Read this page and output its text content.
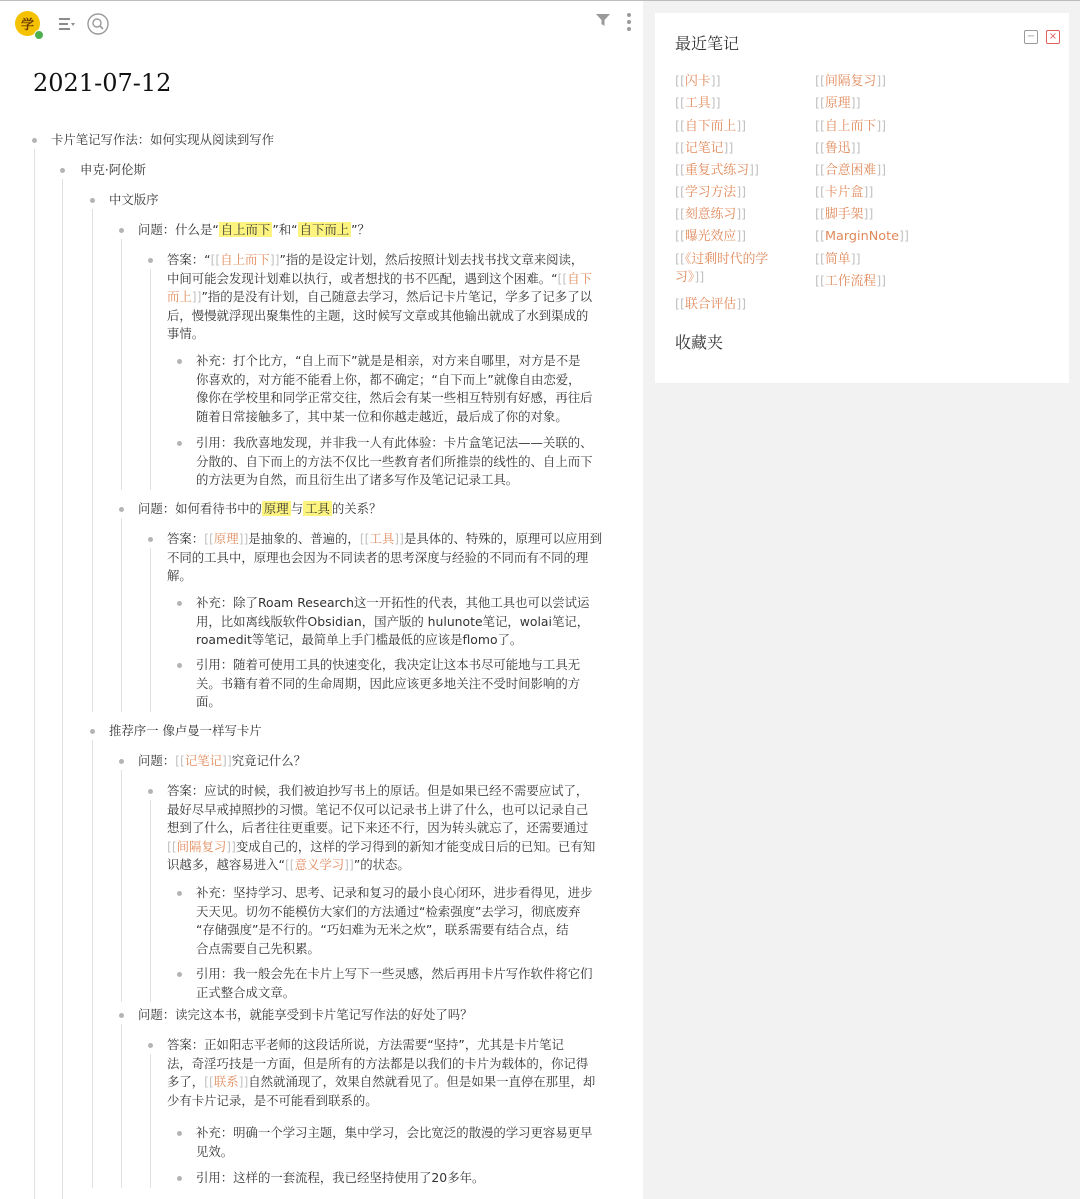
学
2021-07-12
卡片笔记写作法：如何实现从阅读到写作
申克·阿伦斯
中文版序
问题：什么是“ 自上而下 ”和“ 自下而上 ”？
答案：“[[自上而下]]”指的是设定计划，然后按照计划去找书找文章来阅读，
中间可能会发现计划难以执行，或者想找的书不匹配，遇到这个困难。“[[自下
而上]]”指的是没有计划，自己随意去学习，然后记卡片笔记，学多了记多了以
后，慢慢就浮现出聚集性的主题，这时候写文章或其他输出就成了水到渠成的
事情。
补充：打个比方，“自上而下”就是是相亲，对方来自哪里，对方是不是
你喜欢的，对方能不能看上你，都不确定；“自下而上”就像自由恋爱，
像你在学校里和同学正常交往，然后会有某一些相互特别有好感，再往后
随着日常接触多了，其中某一位和你越走越近，最后成了你的对象。
引用：我欣喜地发现，并非我一人有此体验：卡片盒笔记法——关联的、
分散的、自下而上的方法不仅比一些教育者们所推崇的线性的、自上而下
的方法更为自然，而且衍生出了诸多写作及笔记记录工具。
问题：如何看待书中的 原理 与 工具 的关系？
答案：[[原理]]是抽象的、普遍的，[[工具]]是具体的、特殊的，原理可以应用到
不同的工具中，原理也会因为不同读者的思考深度与经验的不同而有不同的理
解。
补充：除了Roam Research这一开拓性的代表，其他工具也可以尝试运
用，比如离线版软件Obsidian，国产版的 hulunote笔记，wolai笔记，
roamedit等笔记，最简单上手门槛最低的应该是flomo了。
引用：随着可使用工具的快速变化，我决定让这本书尽可能地与工具无
关。书籍有着不同的生命周期，因此应该更多地关注不受时间影响的方
面。
推荐序一 像卢曼一样写卡片
问题：[[记笔记]]究竟记什么？
答案：应试的时候，我们被迫抄写书上的原话。但是如果已经不需要应试了，
最好尽早戒掉照抄的习惯。笔记不仅可以记录书上讲了什么，也可以记录自己
想到了什么，后者往往更重要。记下来还不行，因为转头就忘了，还需要通过
[[间隔复习]]变成自己的，这样的学习得到的新知才能变成日后的已知。已有知
识越多，越容易进入“[[意义学习]]”的状态。
补充：坚持学习、思考、记录和复习的最小良心闭环，进步看得见，进步
天天见。切勿不能模仿大家们的方法通过“检索强度”去学习，彻底废弃
“存储强度”是不行的。“巧妇难为无米之炊”，联系需要有结合点，结
合点需要自己先积累。
引用：我一般会先在卡片上写下一些灵感，然后再用卡片写作软件将它们
正式整合成文章。
问题：读完这本书，就能享受到卡片笔记写作法的好处了吗？
答案：正如阳志平老师的这段话所说，方法需要“坚持”，尤其是卡片笔记
法，奇淫巧技是一方面，但是所有的方法都是以我们的卡片为载体的，你记得
多了，[[联系]]自然就涌现了，效果自然就看见了。但是如果一直停在那里，却
少有卡片记录，是不可能看到联系的。
补充：明确一个学习主题，集中学习，会比宽泛的散漫的学习更容易更早
见效。
引用：这样的一套流程，我已经坚持使用了20多年。
最近笔记	− ×
[[闪卡]]
[[工具]]
[[自下而上]]
[[记笔记]]
[[重复式练习]]
[[学习方法]]
[[刻意练习]]
[[曝光效应]]
[[《过剩时代的学习》]]
[[联合评估]]
[[间隔复习]]
[[原理]]
[[自上而下]]
[[鲁迅]]
[[合意困难]]
[[卡片盒]]
[[脚手架]]
[[MarginNote]]
[[简单]]
[[工作流程]]
收藏夹
